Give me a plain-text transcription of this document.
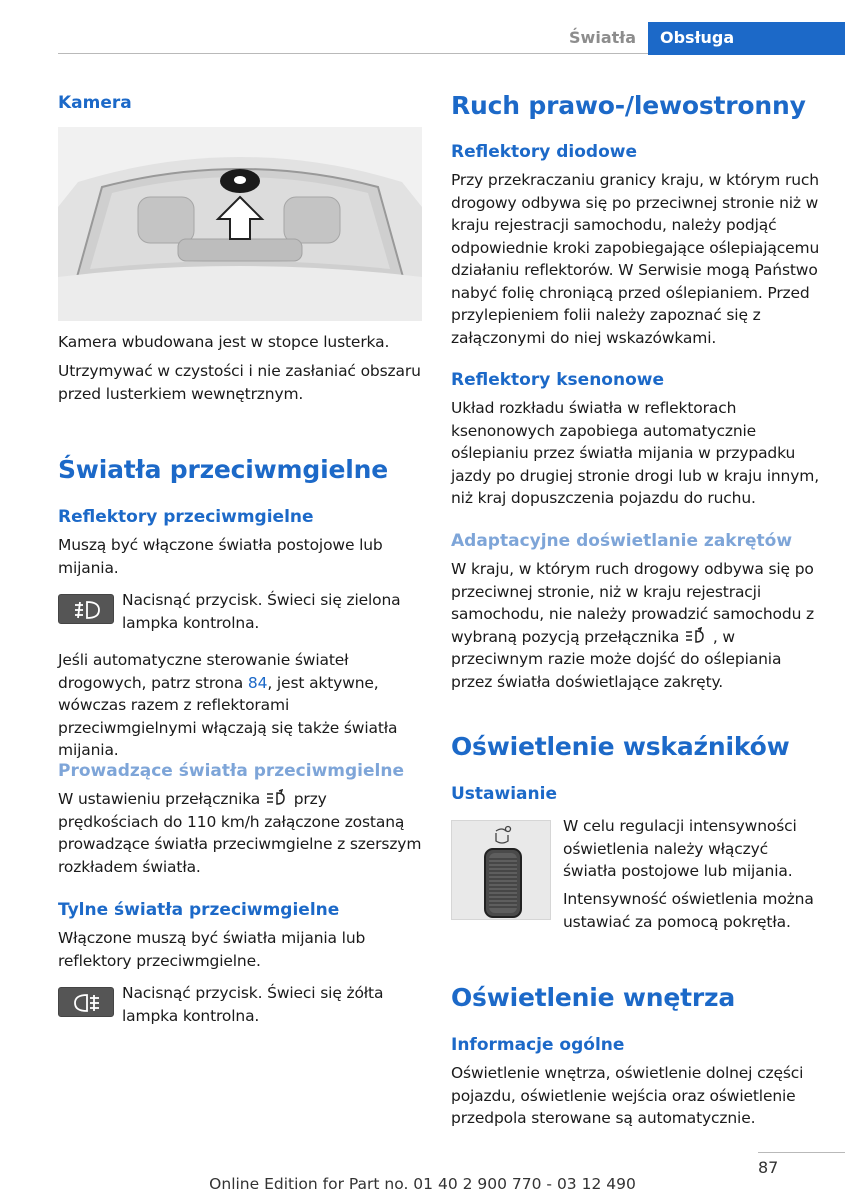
Światła	Obsługa
Kamera

Kamera wbudowana jest w stopce lusterka.

Utrzymywać w czystości i nie zasłaniać obszaru przed lusterkiem wewnętrznym.

Światła przeciwmgielne
Reflektory przeciwmgielne

Muszą być włączone światła postojowe lub mijania.

Nacisnąć przycisk. Świeci się zielona lampka kontrolna.

Jeśli automatyczne sterowanie świateł drogowych, patrz strona 84, jest aktywne, wówczas razem z reflektorami przeciwmgielnymi włączają się także światła mijania.

Prowadzące światła przeciwmgielne

W ustawieniu przełącznika  przy prędkościach do 110 km/h załączone zostaną prowadzące światła przeciwmgielne z szerszym rozkładem światła.

Tylne światła przeciwmgielne

Włączone muszą być światła mijania lub reflektory przeciwmgielne.

Nacisnąć przycisk. Świeci się żółta lampka kontrolna.

Ruch prawo-/lewostronny
Reflektory diodowe

Przy przekraczaniu granicy kraju, w którym ruch drogowy odbywa się po przeciwnej stronie niż w kraju rejestracji samochodu, należy podjąć odpowiednie kroki zapobiegające oślepiającemu działaniu reflektorów. W Serwisie mogą Państwo nabyć folię chroniącą przed oślepianiem. Przed przylepieniem folii należy zapoznać się z załączonymi do niej wskazówkami.

Reflektory ksenonowe

Układ rozkładu światła w reflektorach ksenonowych zapobiega automatycznie oślepianiu przez światła mijania w przypadku jazdy po drugiej stronie drogi lub w kraju innym, niż kraj dopuszczenia pojazdu do ruchu.

Adaptacyjne doświetlanie zakrętów

W kraju, w którym ruch drogowy odbywa się po przeciwnej stronie, niż w kraju rejestracji samochodu, nie należy prowadzić samochodu z wybraną pozycją przełącznika  , w przeciwnym razie może dojść do oślepiania przez światła doświetlające zakręty.

Oświetlenie wskaźników
Ustawianie

W celu regulacji intensywności oświetlenia należy włączyć światła postojowe lub mijania.

Intensywność oświetlenia można ustawiać za pomocą pokrętła.

Oświetlenie wnętrza
Informacje ogólne

Oświetlenie wnętrza, oświetlenie dolnej części pojazdu, oświetlenie wejścia oraz oświetlenie przedpola sterowane są automatycznie.

87
Online Edition for Part no. 01 40 2 900 770 - 03 12 490
